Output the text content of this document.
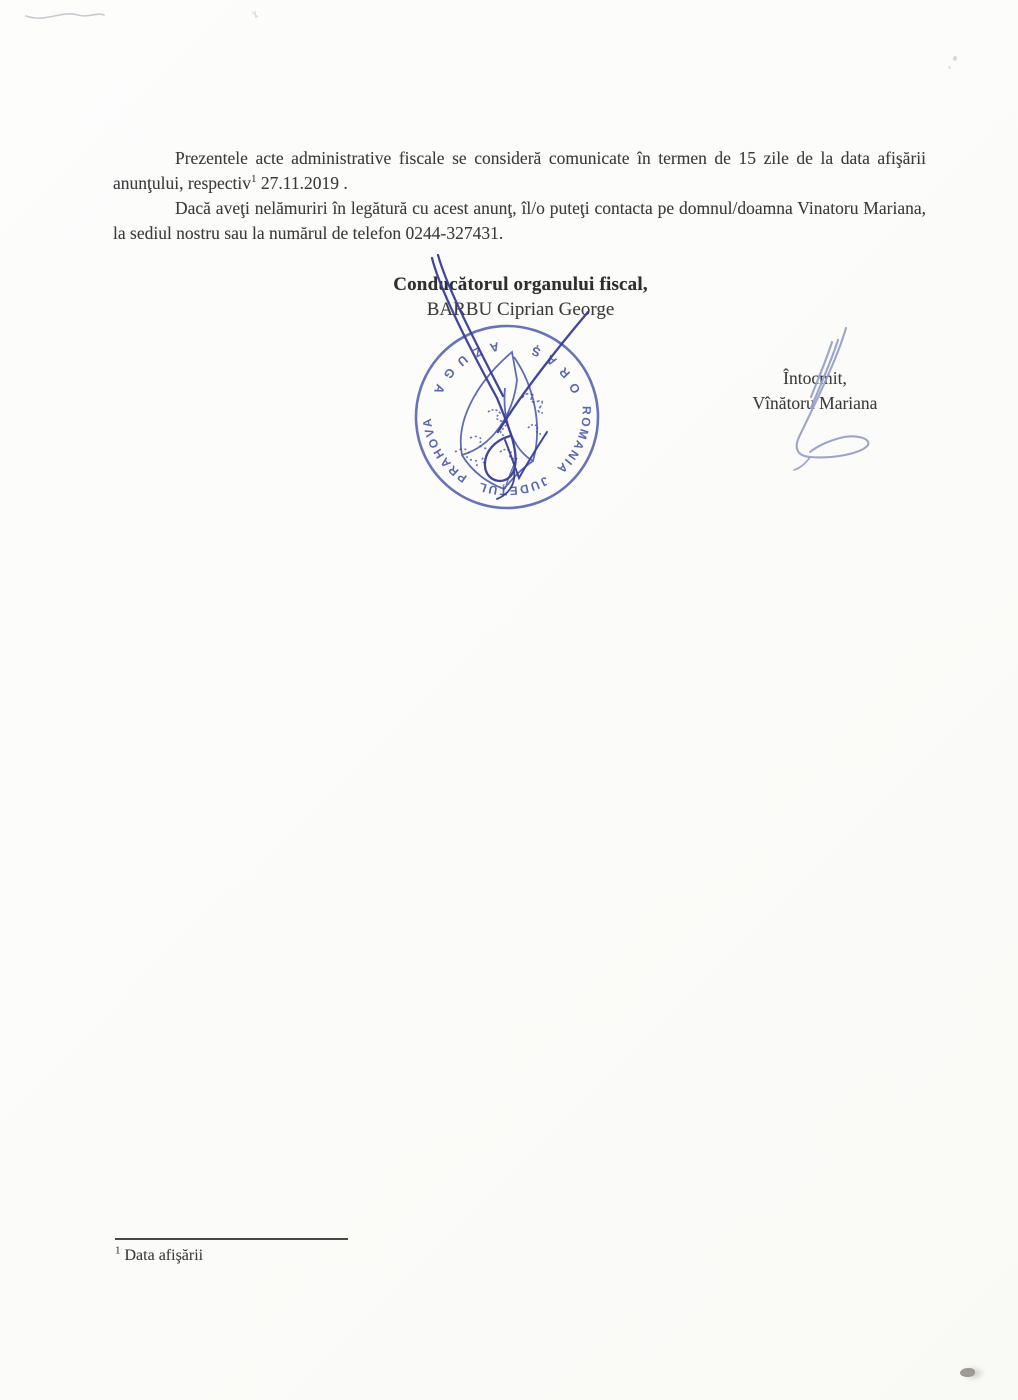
Prezentele acte administrative fiscale se consideră comunicate în termen de 15 zile de la data afişării anunţului, respectiv$^1$ 27.11.2019 .

Dacă aveţi nelămuriri în legătură cu acest anunţ, îl/o puteţi contacta pe domnul/doamna Vinatoru Mariana, la sediul nostru sau la numărul de telefon 0244-327431.

Conducătorul organului fiscal,
BARBU Ciprian George
Întocmit,
Vînătoru Mariana
✳ ROMANIA JUDEŢUL PRAHOVA ✳
ORAŞ AZUGA
$^1$ Data afişării
